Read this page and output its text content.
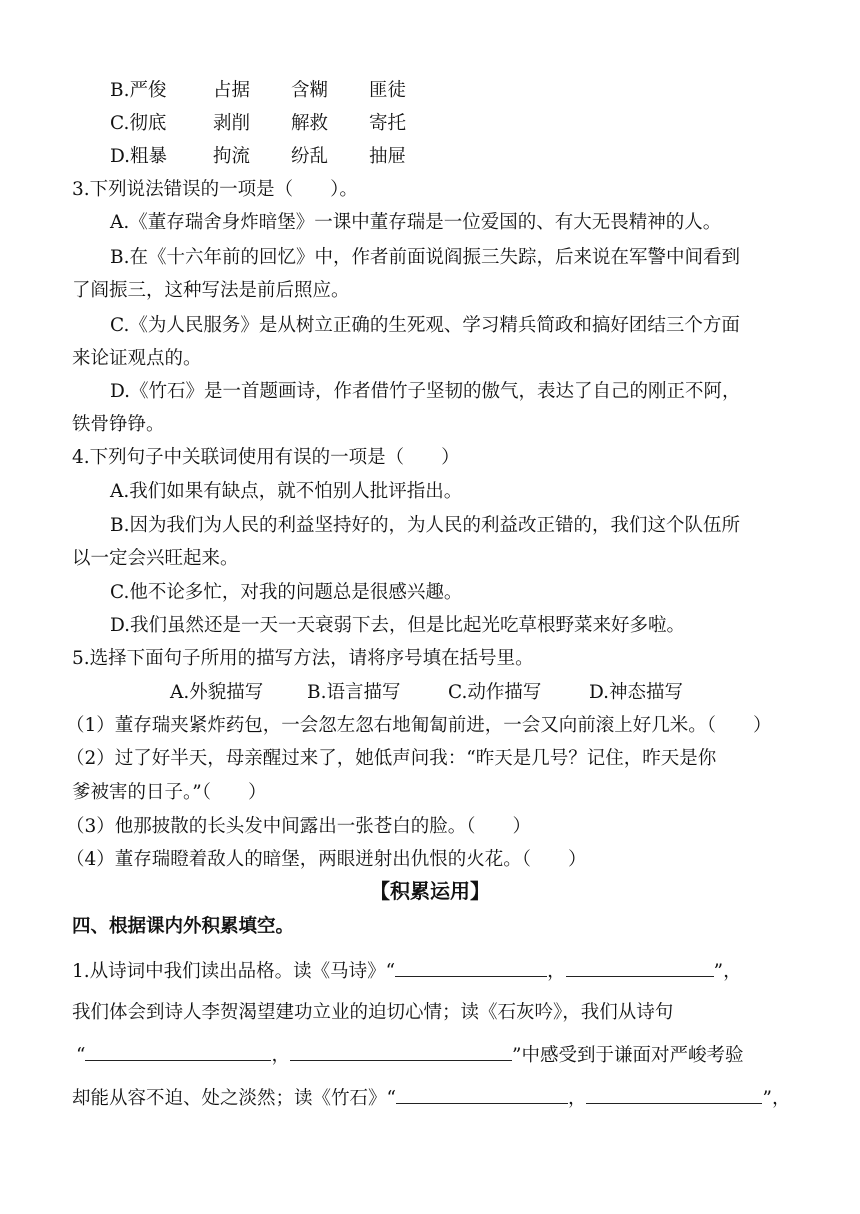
B.严俊	占据 含糊 匪徒
C.彻底	剥削 解救 寄托
D.粗暴 拘流 纷乱 抽屉
3.下列说法错误的一项是（　　）。
A.《董存瑞舍身炸暗堡》一课中董存瑞是一位爱国的、有大无畏精神的人。
B.在《十六年前的回忆》中，作者前面说阎振三失踪，后来说在军警中间看到
了阎振三，这种写法是前后照应。
C.《为人民服务》是从树立正确的生死观、学习精兵简政和搞好团结三个方面
来论证观点的。
D.《竹石》是一首题画诗，作者借竹子坚韧的傲气，表达了自己的刚正不阿，
铁骨铮铮。
4.下列句子中关联词使用有误的一项是（　　）
A.我们如果有缺点，就不怕别人批评指出。
B.因为我们为人民的利益坚持好的，为人民的利益改正错的，我们这个队伍所
以一定会兴旺起来。
C.他不论多忙，对我的问题总是很感兴趣。
D.我们虽然还是一天一天衰弱下去，但是比起光吃草根野菜来好多啦。
5.选择下面句子所用的描写方法，请将序号填在括号里。
A.外貌描写 B.语言描写	C.动作描写	D.神态描写
（1）董存瑞夹紧炸药包，一会忽左忽右地匍匐前进，一会又向前滚上好几米。（　　）
（2）过了好半天，母亲醒过来了，她低声问我：“昨天是几号？记住，昨天是你
爹被害的日子。”（　　）
（3）他那披散的长头发中间露出一张苍白的脸。（　　）
（4）董存瑞瞪着敌人的暗堡，两眼迸射出仇恨的火花。（　　）
【积累运用】
四、根据课内外积累填空。
1.从诗词中我们读出品格。读《马诗》“	，	”，
我们体会到诗人李贺渴望建功立业的迫切心情；读《石灰吟》，我们从诗句
“	，	”中感受到于谦面对严峻考验
却能从容不迫、处之淡然；读《竹石》“	，	”，
